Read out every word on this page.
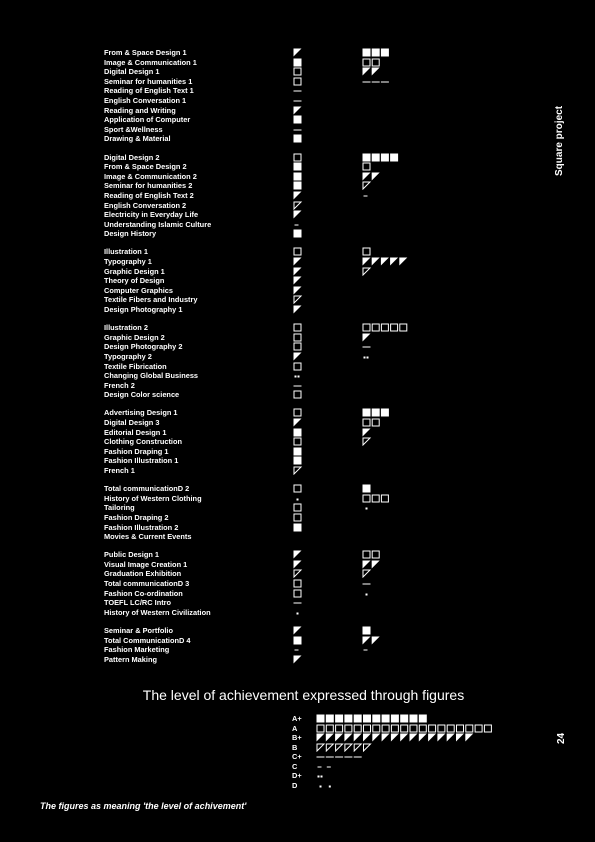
From & Space Design 1
Image & Communication 1
Digital Design 1
Seminar for humanities 1
Reading of English Text 1
English Conversation 1
Reading and Writing
Application of Computer
Sport &Wellness
Drawing & Material
Digital Design 2
From & Space Design 2
Image & Communication 2
Seminar for humanities 2
Reading of English Text 2
English Conversation 2
Electricity in Everyday Life
Understanding Islamic Culture
Design History
Illustration 1
Typography 1
Graphic Design 1
Theory of Design
Computer Graphics
Textile Fibers and Industry
Design Photography 1
Illustration 2
Graphic Design 2
Design Photography 2
Typography 2
Textile Fibrication
Changing Global Business
French 2
Design Color science
Advertising Design 1
Digital Design 3
Editorial Design 1
Clothing Construction
Fashion Draping 1
Fashion Illustration 1
French 1
Total communicationD 2
History of Western Clothing
Tailoring
Fashion Draping 2
Fashion Illustration 2
Movies & Current Events
Public Design 1
Visual Image Creation 1
Graduation Exhibition
Total communicationD 3
Fashion Co-ordination
TOEFL LC/RC Intro
History of Western Civilization
Seminar & Portfolio
Total CommunicationD 4
Fashion Marketing
Pattern Making
Square project
24
The level of achievement expressed through figures
A+
A
B+
B
C+
C
D+
D
The figures as meaning 'the level of achivement'
